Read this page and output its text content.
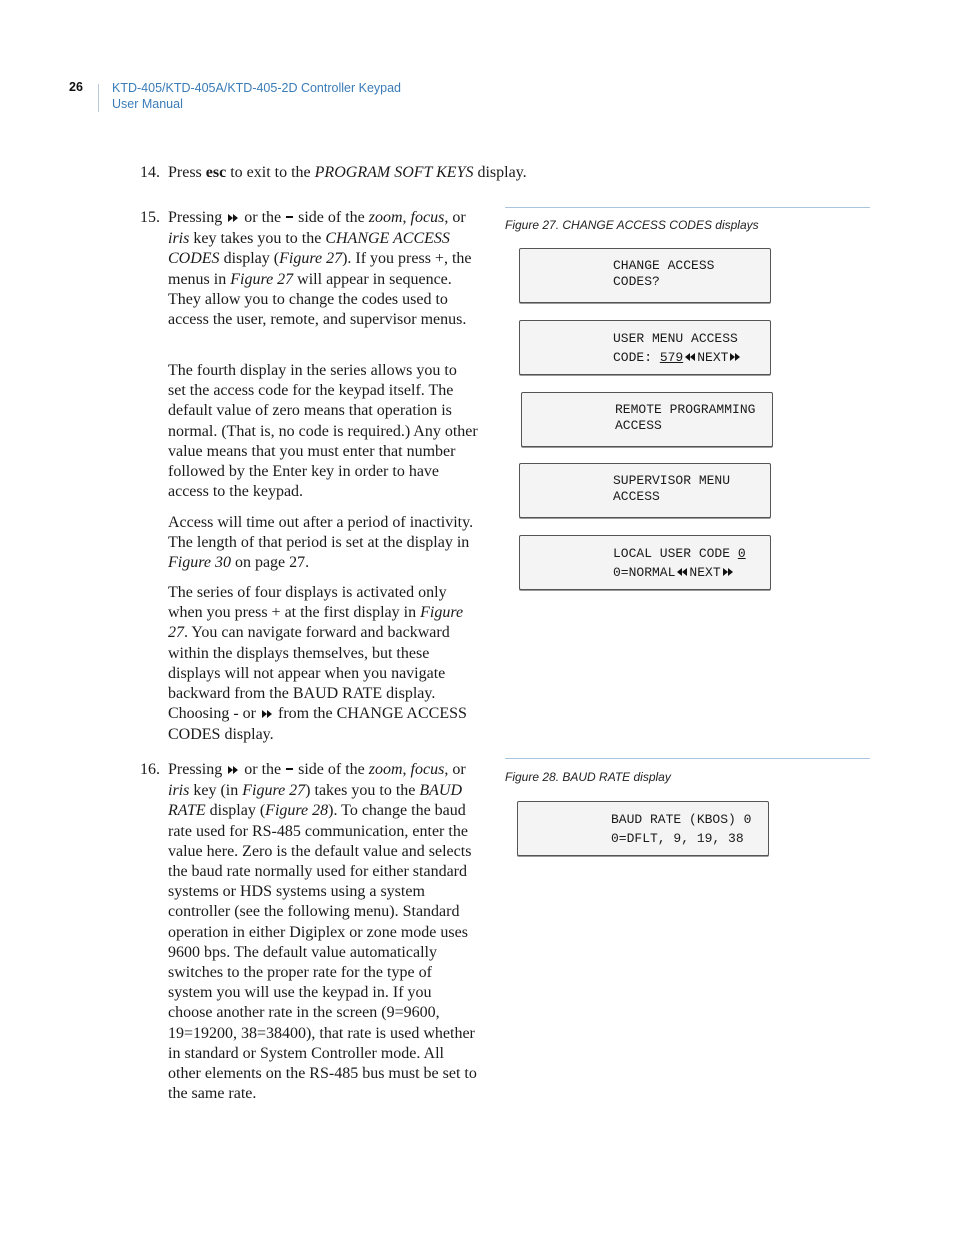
26 KTD-405/KTD-405A/KTD-405-2D Controller Keypad
User Manual
14. Press esc to exit to the PROGRAM SOFT KEYS display.

15. Pressing  or the  side of the zoom, focus, or iris key takes you to the CHANGE ACCESS CODES display (Figure 27). If you press +, the menus in Figure 27 will appear in sequence. They allow you to change the codes used to access the user, remote, and supervisor menus.

The fourth display in the series allows you to set the access code for the keypad itself. The default value of zero means that operation is normal. (That is, no code is required.) Any other value means that you must enter that number followed by the Enter key in order to have access to the keypad.

Access will time out after a period of inactivity. The length of that period is set at the display in Figure 30 on page 27.

The series of four displays is activated only when you press + at the first display in Figure 27. You can navigate forward and backward within the displays themselves, but these displays will not appear when you navigate backward from the BAUD RATE display. Choosing - or  from the CHANGE ACCESS CODES display.

16. Pressing  or the  side of the zoom, focus, or iris key (in Figure 27) takes you to the BAUD RATE display (Figure 28). To change the baud rate used for RS-485 communication, enter the value here. Zero is the default value and selects the baud rate normally used for either standard systems or HDS systems using a system controller (see the following menu). Standard operation in either Digiplex or zone mode uses 9600 bps. The default value automatically switches to the proper rate for the type of system you will use the keypad in. If you choose another rate in the screen (9=9600, 19=19200, 38=38400), that rate is used whether in standard or System Controller mode. All other elements on the RS-485 bus must be set to the same rate.

Figure 27. CHANGE ACCESS CODES displays
CHANGE ACCESS
CODES?
USER MENU ACCESS
CODE: 579 NEXT
REMOTE PROGRAMMING
ACCESS
SUPERVISOR MENU
ACCESS
LOCAL USER CODE 0
0=NORMAL NEXT
Figure 28. BAUD RATE display
BAUD RATE (KBOS) 0
0=DFLT, 9, 19, 38
